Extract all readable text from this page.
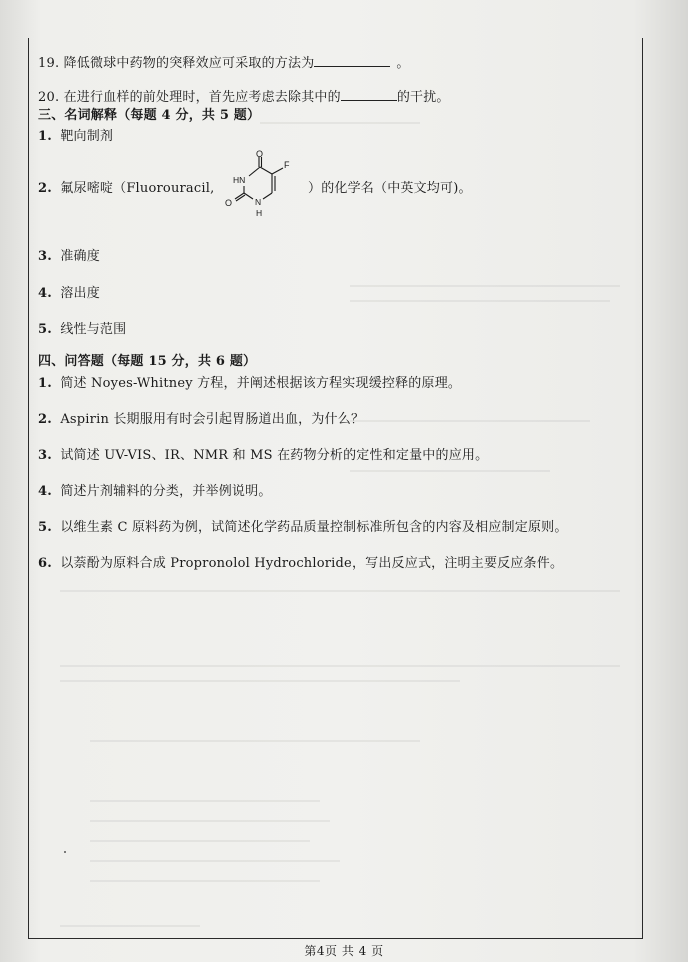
19. 降低微球中药物的突释效应可采取的方法为	。
20. 在进行血样的前处理时，首先应考虑去除其中的	的干扰。
三、名词解释（每题 4 分，共 5 题）
1. 靶向制剂
2. 氟尿嘧啶（Fluorouracil,	）的化学名（中英文均可)。
O
HN
N
H
O
F
3. 准确度
4. 溶出度
5. 线性与范围
四、问答题（每题 15 分，共 6 题）
1. 简述 Noyes-Whitney 方程，并阐述根据该方程实现缓控释的原理。
2. Aspirin 长期服用有时会引起胃肠道出血，为什么？
3. 试简述 UV-VIS、IR、NMR 和 MS 在药物分析的定性和定量中的应用。
4. 简述片剂辅料的分类，并举例说明。
5. 以维生素 C 原料药为例，试简述化学药品质量控制标准所包含的内容及相应制定原则。
6. 以萘酚为原料合成 Propronolol Hydrochloride，写出反应式，注明主要反应条件。
第4页 共 4 页
